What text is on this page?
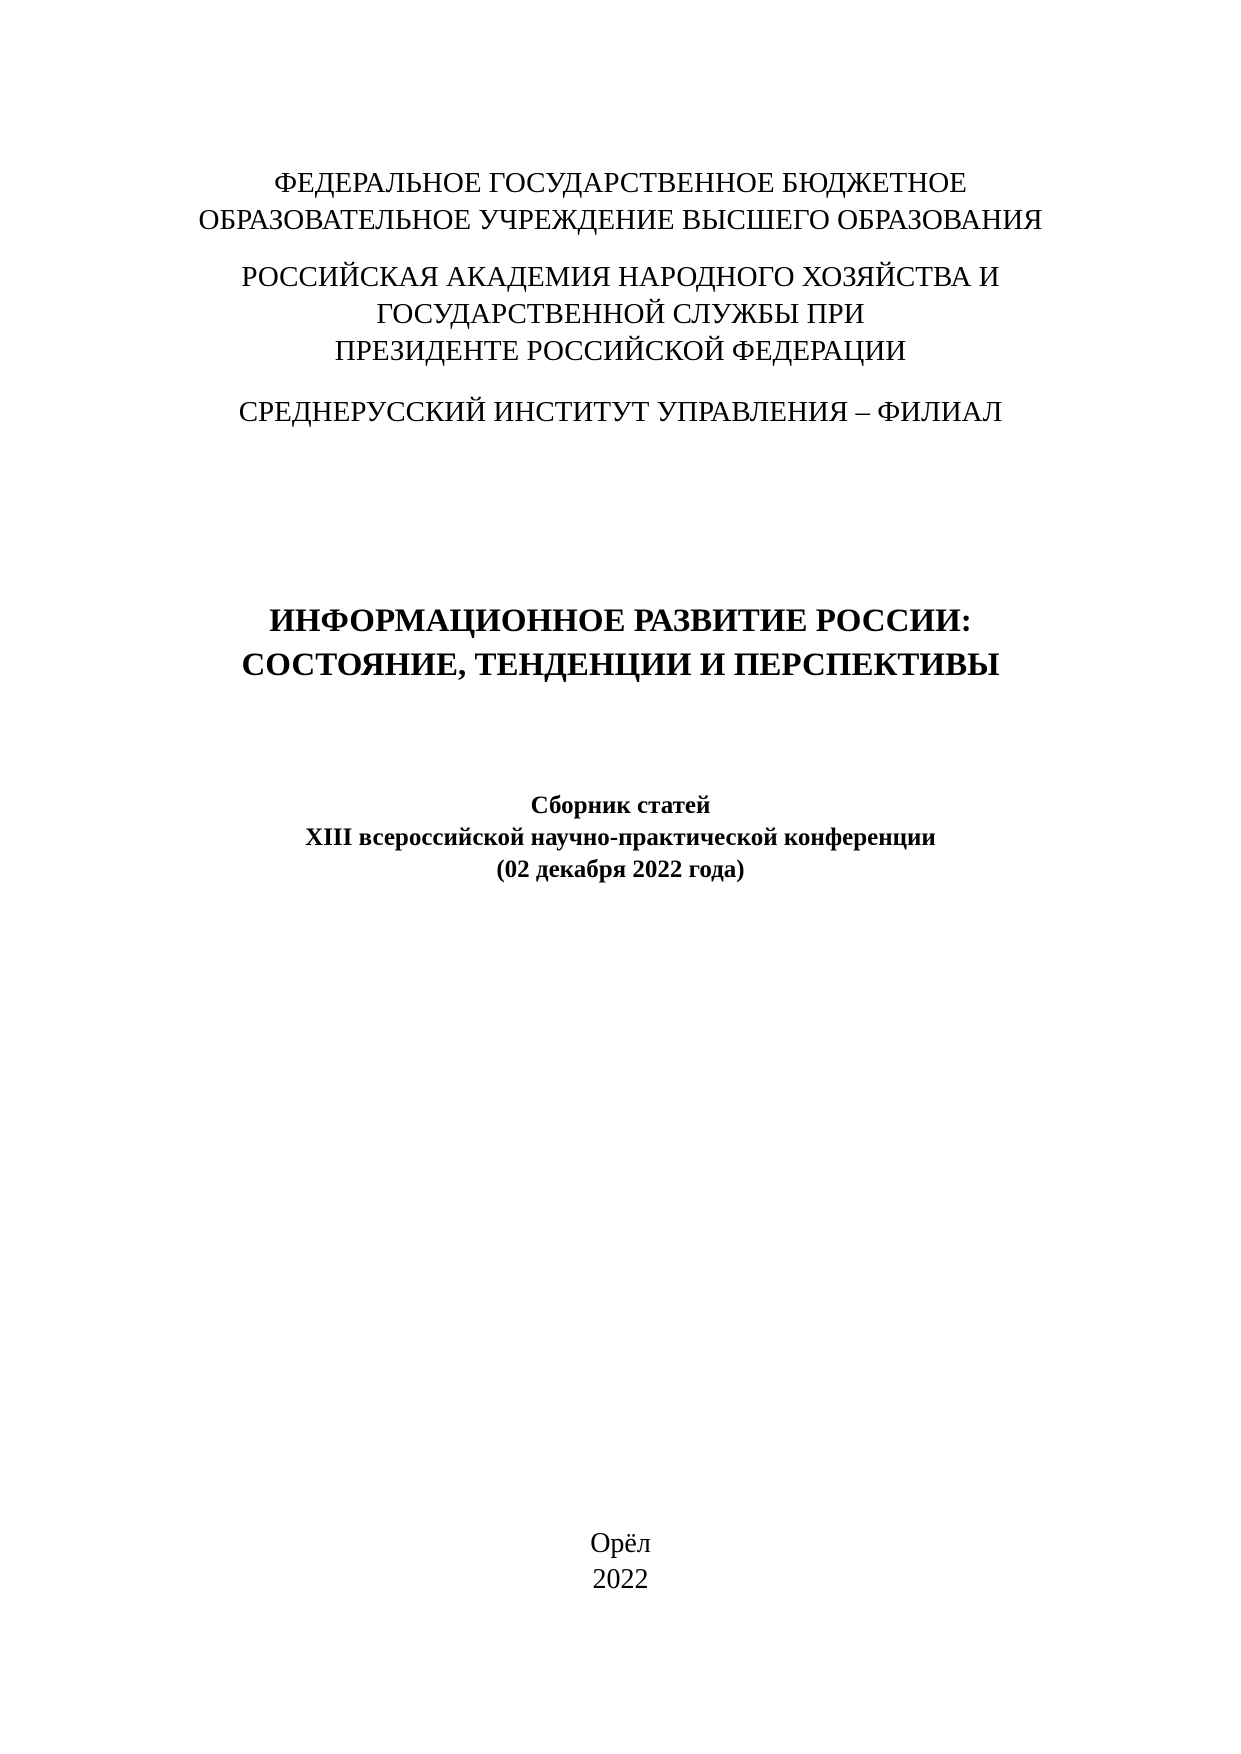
ФЕДЕРАЛЬНОЕ ГОСУДАРСТВЕННОЕ БЮДЖЕТНОЕ
ОБРАЗОВАТЕЛЬНОЕ УЧРЕЖДЕНИЕ ВЫСШЕГО ОБРАЗОВАНИЯ
РОССИЙСКАЯ АКАДЕМИЯ НАРОДНОГО ХОЗЯЙСТВА И
ГОСУДАРСТВЕННОЙ СЛУЖБЫ ПРИ
ПРЕЗИДЕНТЕ РОССИЙСКОЙ ФЕДЕРАЦИИ
СРЕДНЕРУССКИЙ ИНСТИТУТ УПРАВЛЕНИЯ – ФИЛИАЛ
ИНФОРМАЦИОННОЕ РАЗВИТИЕ РОССИИ:
СОСТОЯНИЕ, ТЕНДЕНЦИИ И ПЕРСПЕКТИВЫ
Сборник статей
XIII всероссийской научно-практической конференции
(02 декабря 2022 года)
Орёл
2022
